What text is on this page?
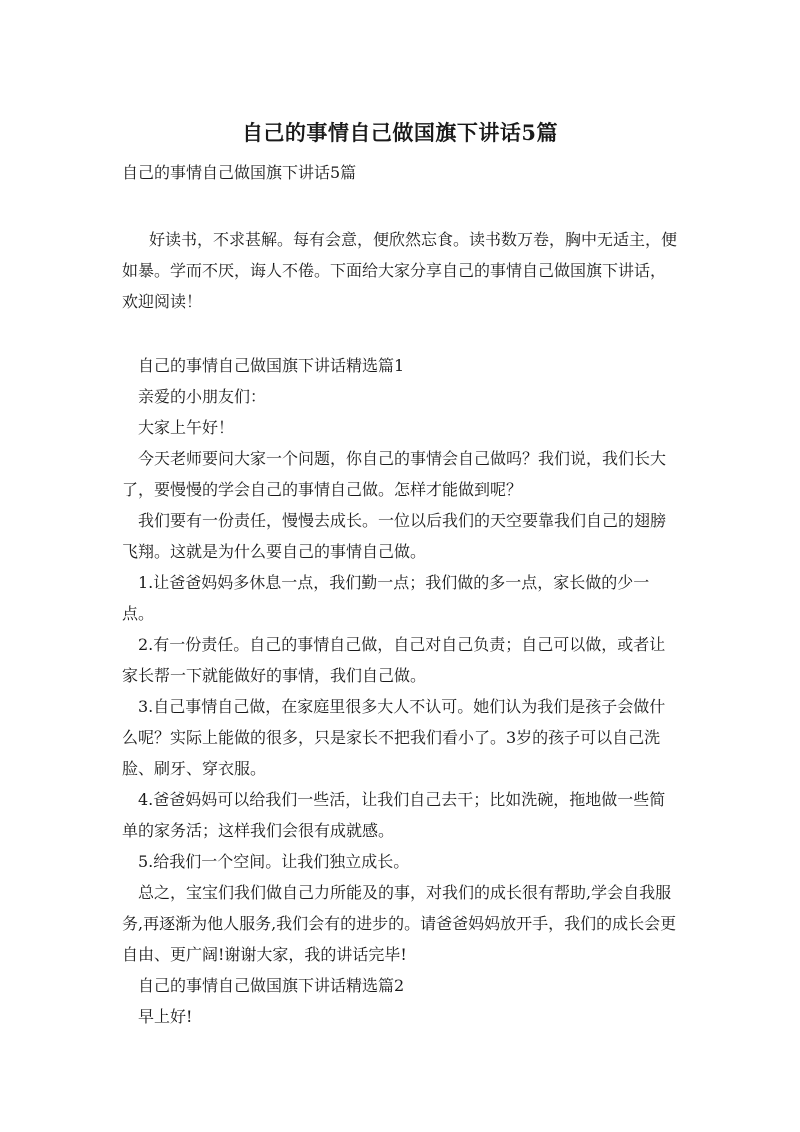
自己的事情自己做国旗下讲话5篇
自己的事情自己做国旗下讲话5篇

好读书，不求甚解。每有会意，便欣然忘食。读书数万卷，胸中无适主，便如暴。学而不厌，诲人不倦。下面给大家分享自己的事情自己做国旗下讲话，欢迎阅读！

自己的事情自己做国旗下讲话精选篇1

亲爱的小朋友们：

大家上午好！

今天老师要问大家一个问题，你自己的事情会自己做吗？我们说，我们长大了，要慢慢的学会自己的事情自己做。怎样才能做到呢？

我们要有一份责任，慢慢去成长。一位以后我们的天空要靠我们自己的翅膀飞翔。这就是为什么要自己的事情自己做。

1.让爸爸妈妈多休息一点，我们勤一点；我们做的多一点，家长做的少一点。

2.有一份责任。自己的事情自己做，自己对自己负责；自己可以做，或者让家长帮一下就能做好的事情，我们自己做。

3.自己事情自己做，在家庭里很多大人不认可。她们认为我们是孩子会做什么呢？实际上能做的很多，只是家长不把我们看小了。3岁的孩子可以自己洗脸、刷牙、穿衣服。

4.爸爸妈妈可以给我们一些活，让我们自己去干；比如洗碗，拖地做一些简单的家务活；这样我们会很有成就感。

5.给我们一个空间。让我们独立成长。

总之，宝宝们我们做自己力所能及的事，对我们的成长很有帮助,学会自我服务,再逐渐为他人服务,我们会有的进步的。请爸爸妈妈放开手，我们的成长会更自由、更广阔!谢谢大家，我的讲话完毕!

自己的事情自己做国旗下讲话精选篇2

早上好!
